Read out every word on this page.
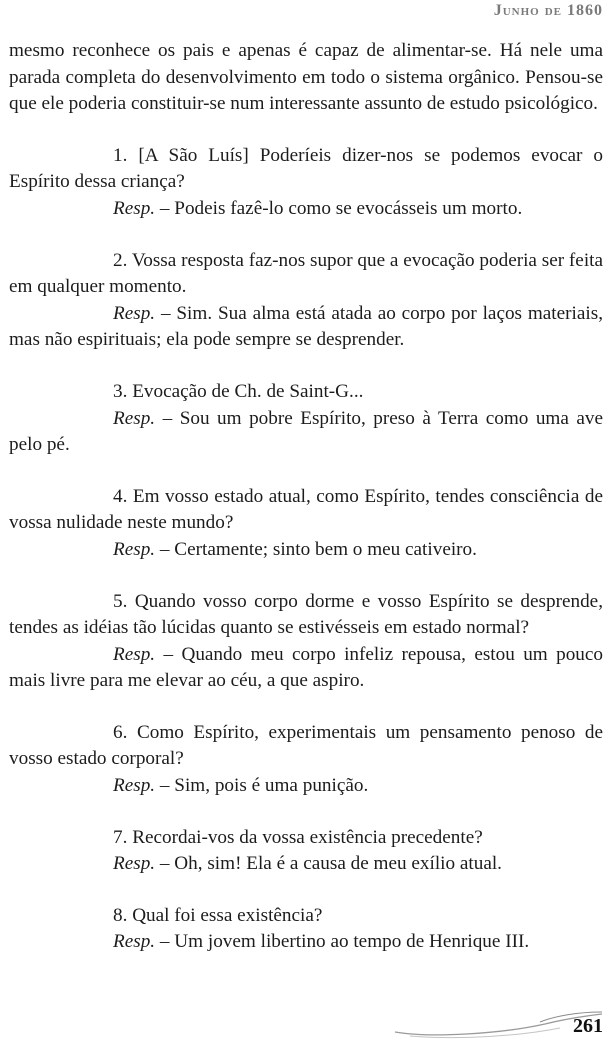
Junho de 1860

mesmo reconhece os pais e apenas é capaz de alimentar-se. Há nele uma parada completa do desenvolvimento em todo o sistema orgânico. Pensou-se que ele poderia constituir-se num interessante assunto de estudo psicológico.

1. [A São Luís] Poderíeis dizer-nos se podemos evocar o Espírito dessa criança?

Resp. – Podeis fazê-lo como se evocásseis um morto.

2. Vossa resposta faz-nos supor que a evocação poderia ser feita em qualquer momento.

Resp. – Sim. Sua alma está atada ao corpo por laços materiais, mas não espirituais; ela pode sempre se desprender.

3. Evocação de Ch. de Saint-G...

Resp. – Sou um pobre Espírito, preso à Terra como uma ave pelo pé.

4. Em vosso estado atual, como Espírito, tendes consciência de vossa nulidade neste mundo?

Resp. – Certamente; sinto bem o meu cativeiro.

5. Quando vosso corpo dorme e vosso Espírito se desprende, tendes as idéias tão lúcidas quanto se estivésseis em estado normal?

Resp. – Quando meu corpo infeliz repousa, estou um pouco mais livre para me elevar ao céu, a que aspiro.

6. Como Espírito, experimentais um pensamento penoso de vosso estado corporal?

Resp. – Sim, pois é uma punição.

7. Recordai-vos da vossa existência precedente?

Resp. – Oh, sim! Ela é a causa de meu exílio atual.

8. Qual foi essa existência?

Resp. – Um jovem libertino ao tempo de Henrique III.

261
